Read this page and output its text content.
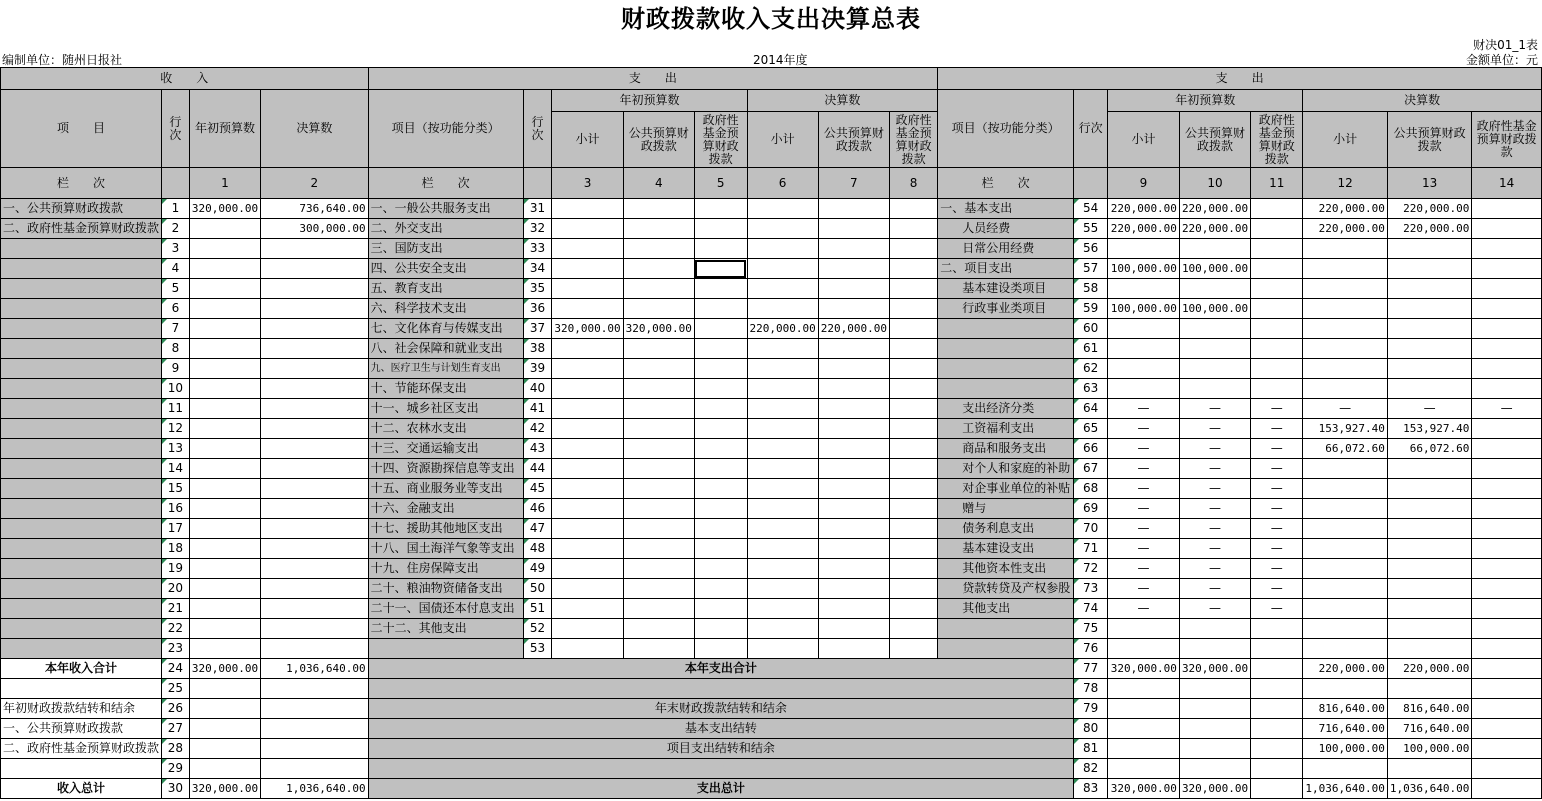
财政拨款收入支出决算总表
财决01_1表
编制单位：随州日报社	2014年度	金额单位：元
收　　入				支　　出								支　　出							
项　　目	行次	年初预算数	决算数	项目（按功能分类）	行次	年初预算数			决算数			项目（按功能分类）	行次	年初预算数			决算数		
						小计	公共预算财政拨款	政府性基金预算财政拨款	小计	公共预算财政拨款	政府性基金预算财政拨款			小计	公共预算财政拨款	政府性基金预算财政拨款	小计	公共预算财政拨款	政府性基金预算财政拨款
栏　　次		1	2	栏　　次		3	4	5	6	7	8	栏　　次		9	10	11	12	13	14
一、公共预算财政拨款	1	320,000.00	736,640.00	一、一般公共服务支出	31							一、基本支出	54	220,000.00	220,000.00		220,000.00	220,000.00	
二、政府性基金预算财政拨款	2		300,000.00	二、外交支出	32							人员经费	55	220,000.00	220,000.00		220,000.00	220,000.00	
	3			三、国防支出	33							日常公用经费	56						
	4			四、公共安全支出	34							二、项目支出	57	100,000.00	100,000.00				
	5			五、教育支出	35							基本建设类项目	58						
	6			六、科学技术支出	36							行政事业类项目	59	100,000.00	100,000.00				
	7			七、文化体育与传媒支出	37	320,000.00	320,000.00		220,000.00	220,000.00			60						
	8			八、社会保障和就业支出	38								61						
	9			九、医疗卫生与计划生育支出	39								62						
	10			十、节能环保支出	40								63						
	11			十一、城乡社区支出	41							支出经济分类	64	—	—	—	—	—	—
	12			十二、农林水支出	42							工资福利支出	65	—	—	—	153,927.40	153,927.40	
	13			十三、交通运输支出	43							商品和服务支出	66	—	—	—	66,072.60	66,072.60	
	14			十四、资源勘探信息等支出	44							对个人和家庭的补助	67	—	—	—			
	15			十五、商业服务业等支出	45							对企事业单位的补贴	68	—	—	—			
	16			十六、金融支出	46							赠与	69	—	—	—			
	17			十七、援助其他地区支出	47							债务利息支出	70	—	—	—			
	18			十八、国土海洋气象等支出	48							基本建设支出	71	—	—	—			
	19			十九、住房保障支出	49							其他资本性支出	72	—	—	—			
	20			二十、粮油物资储备支出	50							贷款转贷及产权参股	73	—	—	—			
	21			二十一、国债还本付息支出	51							其他支出	74	—	—	—			
	22			二十二、其他支出	52								75						
	23				53								76						
本年收入合计	24	320,000.00	1,036,640.00	本年支出合计									77	320,000.00	320,000.00		220,000.00	220,000.00	
	25												78						
年初财政拨款结转和结余	26			年末财政拨款结转和结余									79				816,640.00	816,640.00	
一、公共预算财政拨款	27			基本支出结转									80				716,640.00	716,640.00	
二、政府性基金预算财政拨款	28			项目支出结转和结余									81				100,000.00	100,000.00	
	29												82						
收入总计	30	320,000.00	1,036,640.00	支出总计									83	320,000.00	320,000.00		1,036,640.00	1,036,640.00	
